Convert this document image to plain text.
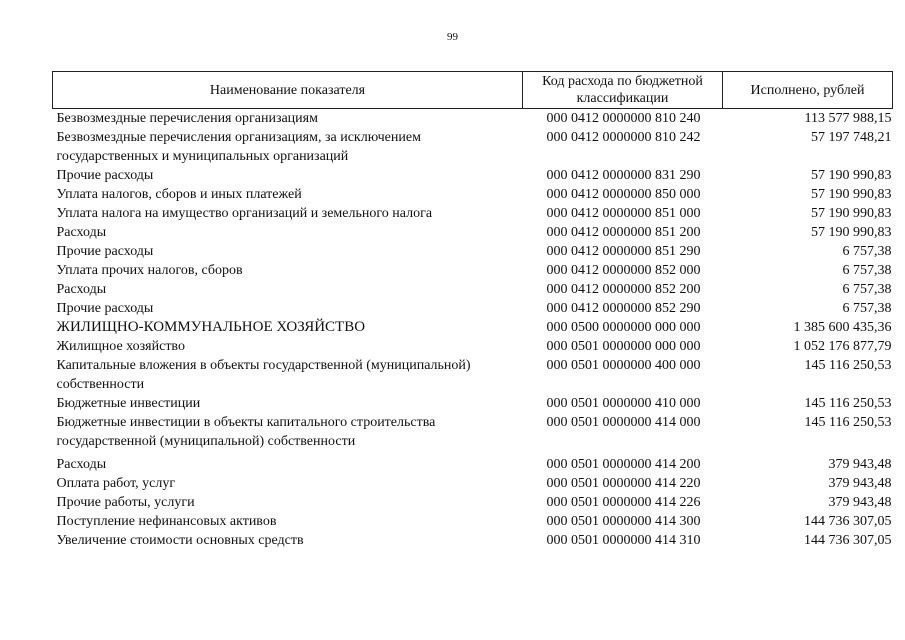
99
Наименование показателя	Код расхода по бюджетной классификации	Исполнено, рублей
Безвозмездные перечисления организациям	000 0412 0000000 810 240	113 577 988,15
Безвозмездные перечисления организациям, за исключением государственных и муниципальных организаций	000 0412 0000000 810 242	57 197 748,21
Прочие расходы	000 0412 0000000 831 290	57 190 990,83
Уплата налогов, сборов и иных платежей	000 0412 0000000 850 000	57 190 990,83
Уплата налога на имущество организаций и земельного налога	000 0412 0000000 851 000	57 190 990,83
Расходы	000 0412 0000000 851 200	57 190 990,83
Прочие расходы	000 0412 0000000 851 290	6 757,38
Уплата прочих налогов, сборов	000 0412 0000000 852 000	6 757,38
Расходы	000 0412 0000000 852 200	6 757,38
Прочие расходы	000 0412 0000000 852 290	6 757,38
ЖИЛИЩНО-КОММУНАЛЬНОЕ ХОЗЯЙСТВО	000 0500 0000000 000 000	1 385 600 435,36
Жилищное хозяйство	000 0501 0000000 000 000	1 052 176 877,79
Капитальные вложения в объекты государственной (муниципальной) собственности	000 0501 0000000 400 000	145 116 250,53
Бюджетные инвестиции	000 0501 0000000 410 000	145 116 250,53
Бюджетные инвестиции в объекты капитального строительства государственной (муниципальной) собственности	000 0501 0000000 414 000	145 116 250,53
Расходы	000 0501 0000000 414 200	379 943,48
Оплата работ, услуг	000 0501 0000000 414 220	379 943,48
Прочие работы, услуги	000 0501 0000000 414 226	379 943,48
Поступление нефинансовых активов	000 0501 0000000 414 300	144 736 307,05
Увеличение стоимости основных средств	000 0501 0000000 414 310	144 736 307,05
